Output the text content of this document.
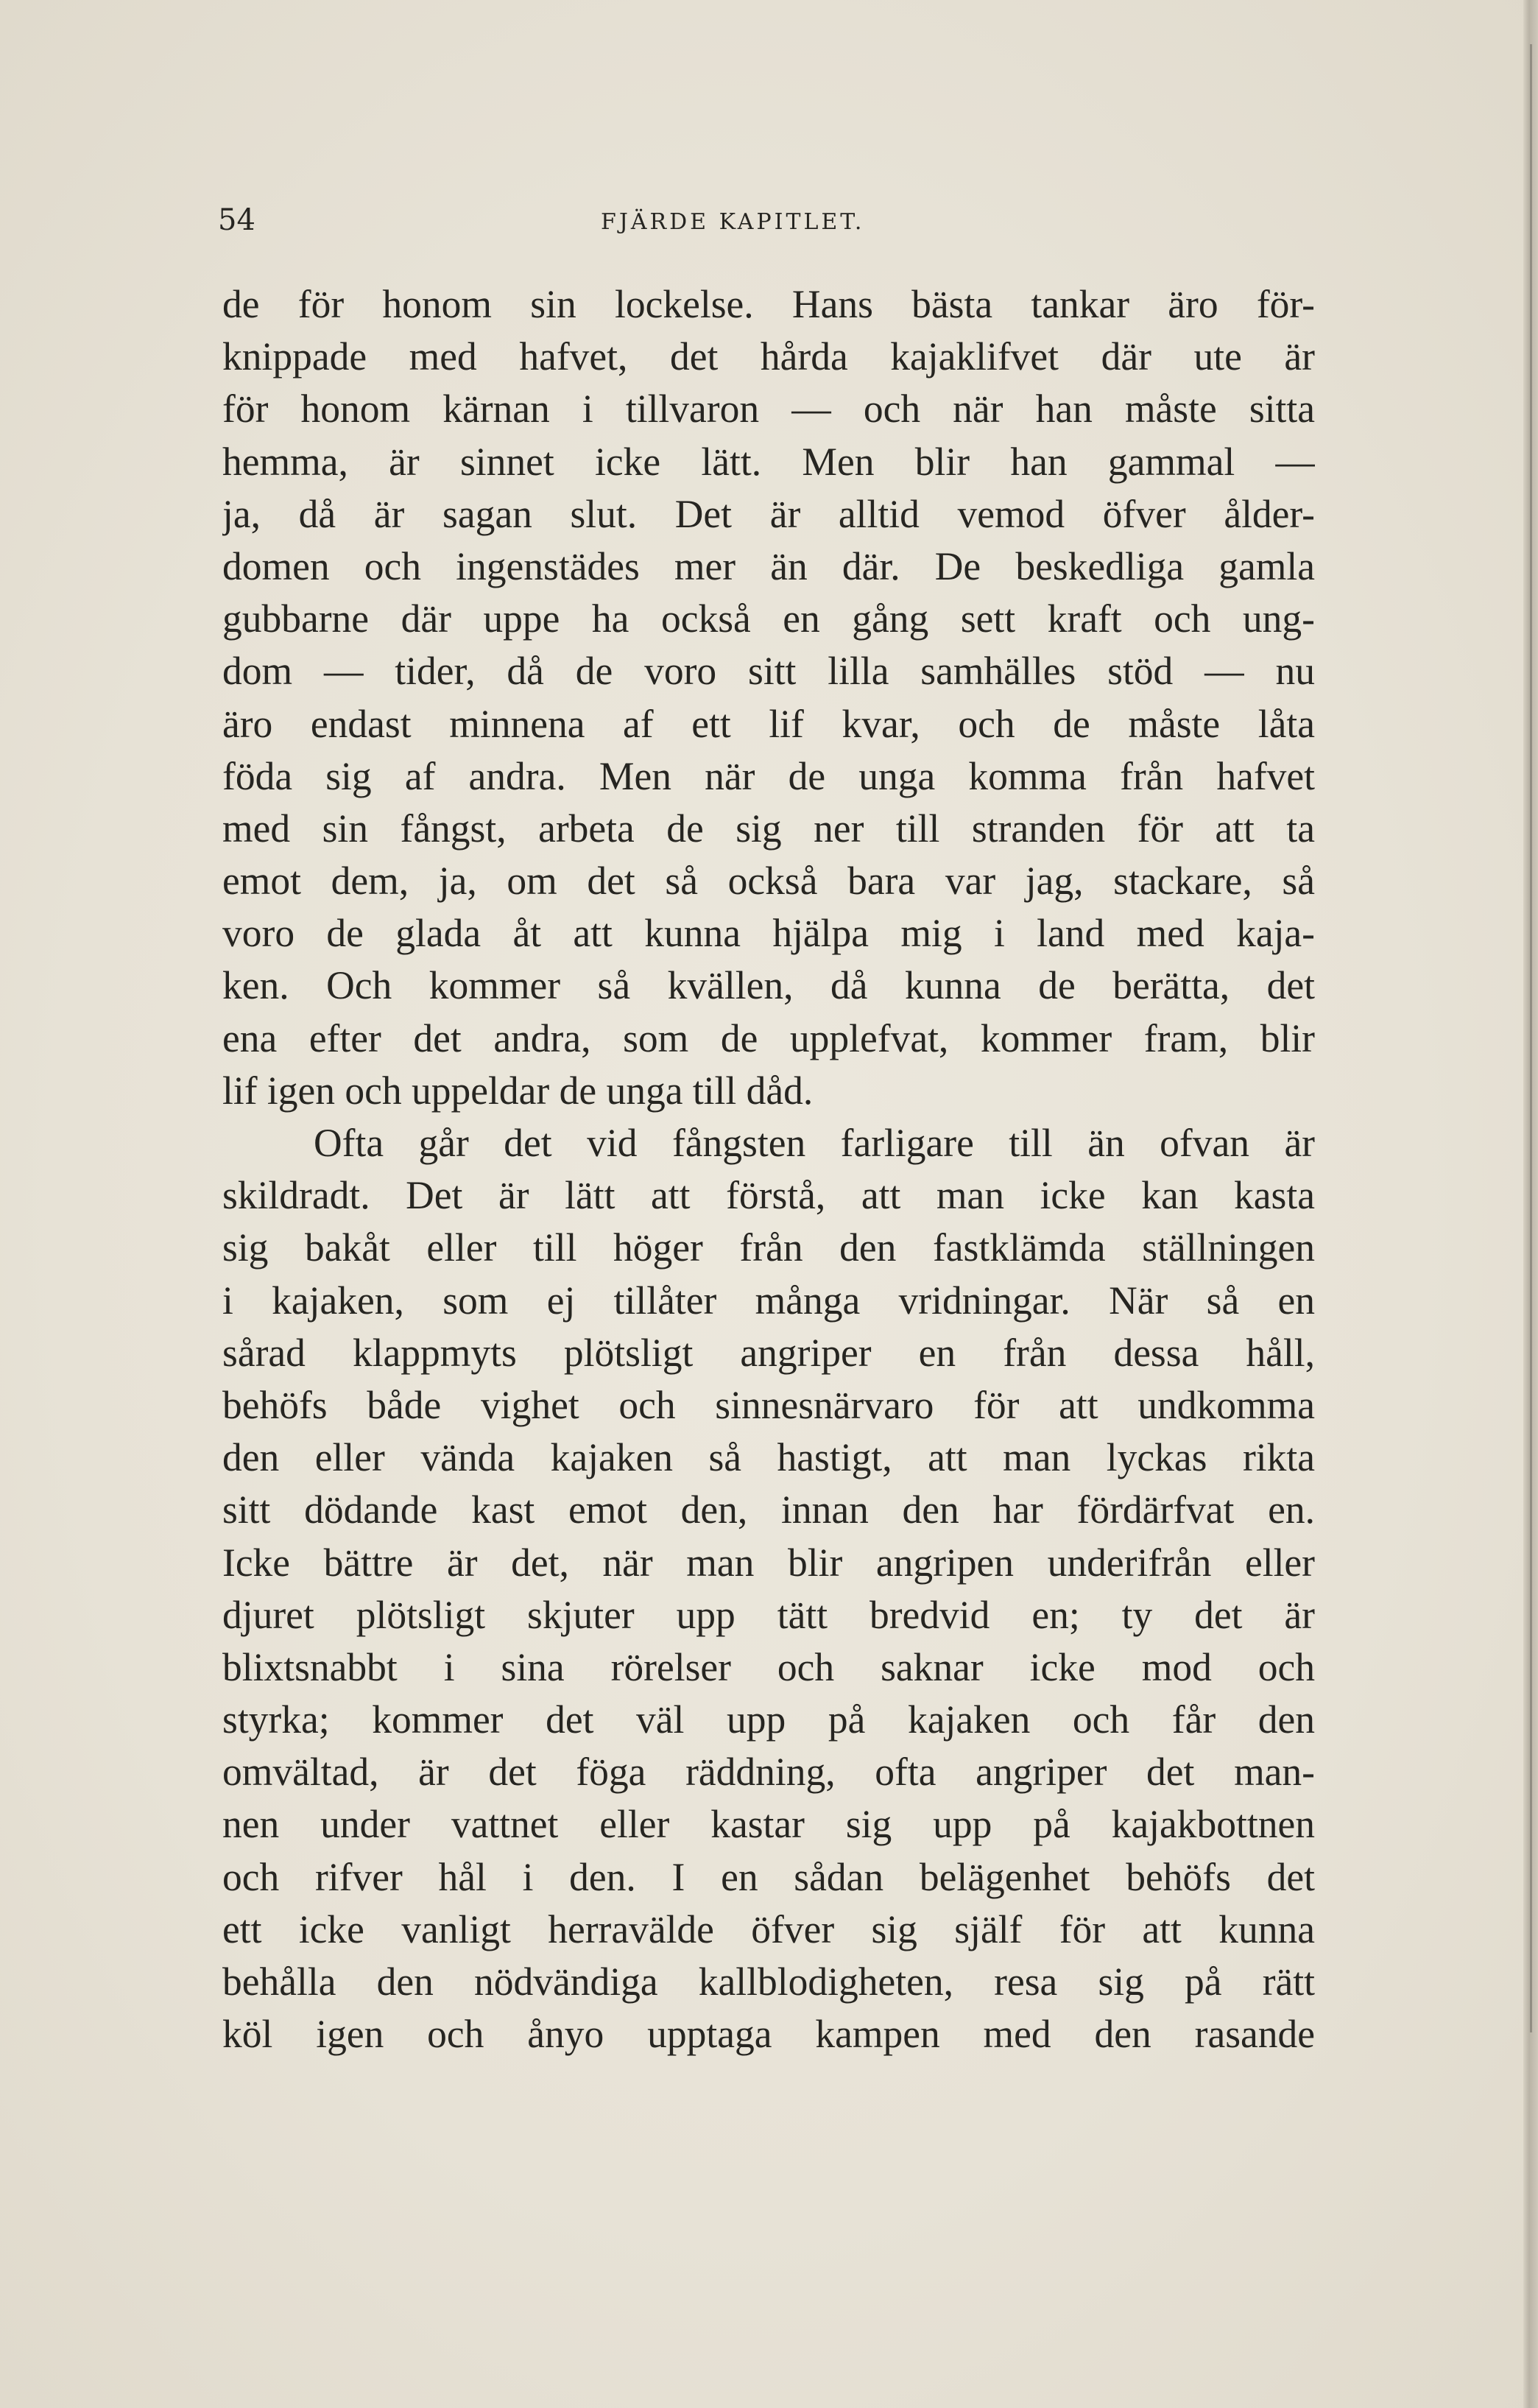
54	FJÄRDE KAPITLET.
de för honom sin lockelse. Hans bästa tankar äro för-
knippade med hafvet, det hårda kajaklifvet där ute är
för honom kärnan i tillvaron — och när han måste sitta
hemma, är sinnet icke lätt. Men blir han gammal —
ja, då är sagan slut. Det är alltid vemod öfver ålder-
domen och ingenstädes mer än där. De beskedliga gamla
gubbarne där uppe ha också en gång sett kraft och ung-
dom — tider, då de voro sitt lilla samhälles stöd — nu
äro endast minnena af ett lif kvar, och de måste låta
föda sig af andra. Men när de unga komma från hafvet
med sin fångst, arbeta de sig ner till stranden för att ta
emot dem, ja, om det så också bara var jag, stackare, så
voro de glada åt att kunna hjälpa mig i land med kaja-
ken. Och kommer så kvällen, då kunna de berätta, det
ena efter det andra, som de upplefvat, kommer fram, blir
lif igen och uppeldar de unga till dåd.
Ofta går det vid fångsten farligare till än ofvan är
skildradt. Det är lätt att förstå, att man icke kan kasta
sig bakåt eller till höger från den fastklämda ställningen
i kajaken, som ej tillåter många vridningar. När så en
sårad klappmyts plötsligt angriper en från dessa håll,
behöfs både vighet och sinnesnärvaro för att undkomma
den eller vända kajaken så hastigt, att man lyckas rikta
sitt dödande kast emot den, innan den har fördärfvat en.
Icke bättre är det, när man blir angripen underifrån eller
djuret plötsligt skjuter upp tätt bredvid en; ty det är
blixtsnabbt i sina rörelser och saknar icke mod och
styrka; kommer det väl upp på kajaken och får den
omvältad, är det föga räddning, ofta angriper det man-
nen under vattnet eller kastar sig upp på kajakbottnen
och rifver hål i den. I en sådan belägenhet behöfs det
ett icke vanligt herravälde öfver sig själf för att kunna
behålla den nödvändiga kallblodigheten, resa sig på rätt
köl igen och ånyo upptaga kampen med den rasande
